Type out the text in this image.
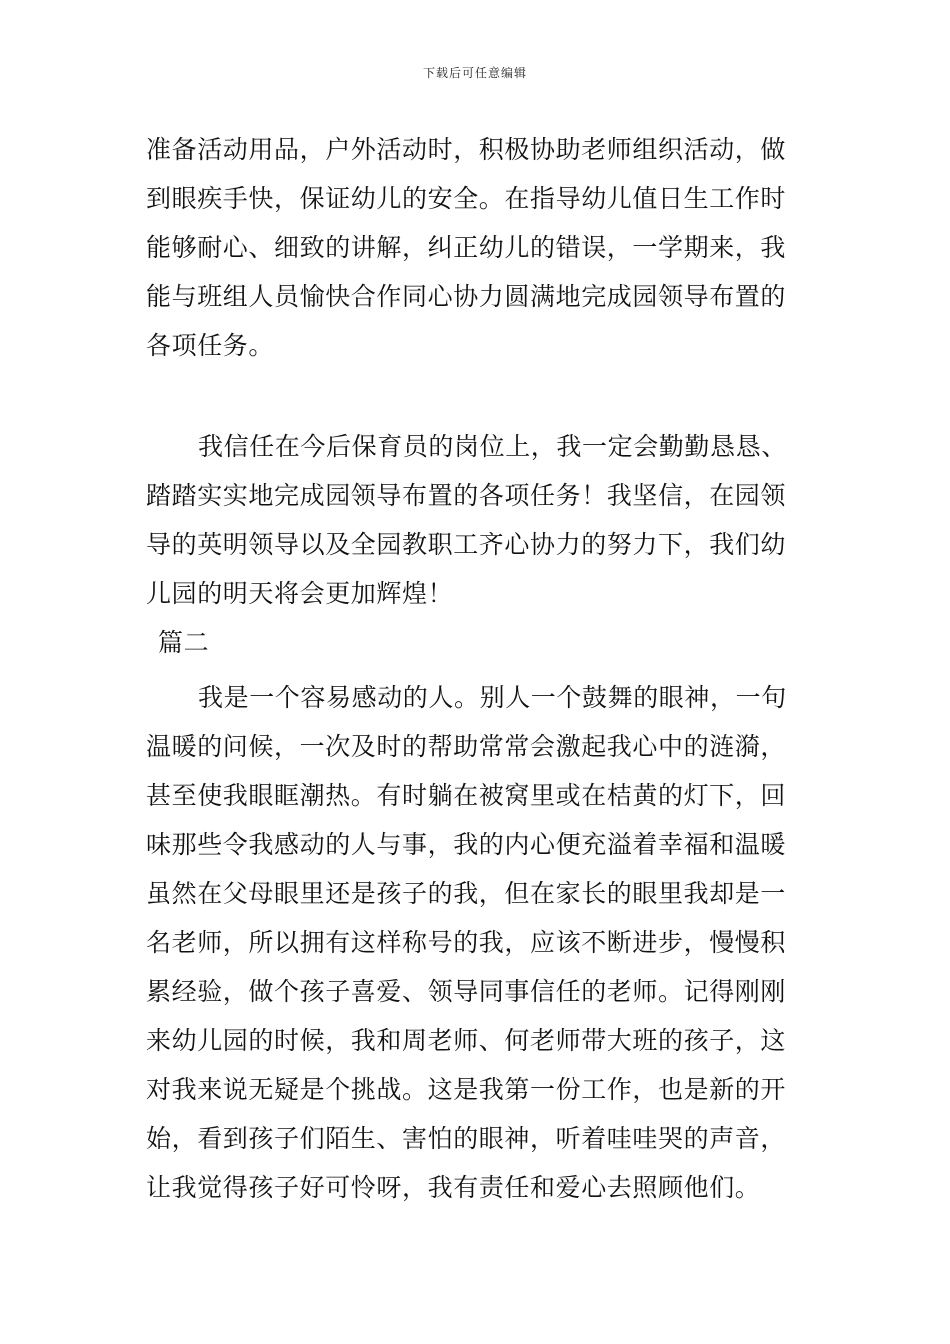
下载后可任意编辑
准备活动用品，户外活动时，积极协助老师组织活动，做
到眼疾手快，保证幼儿的安全。在指导幼儿值日生工作时
能够耐心、细致的讲解，纠正幼儿的错误，一学期来，我
能与班组人员愉快合作同心协力圆满地完成园领导布置的
各项任务。
我信任在今后保育员的岗位上，我一定会勤勤恳恳、
踏踏实实地完成园领导布置的各项任务！我坚信，在园领
导的英明领导以及全园教职工齐心协力的努力下，我们幼
儿园的明天将会更加辉煌！
篇二
我是一个容易感动的人。别人一个鼓舞的眼神，一句
温暖的问候，一次及时的帮助常常会激起我心中的涟漪，
甚至使我眼眶潮热。有时躺在被窝里或在桔黄的灯下，回
味那些令我感动的人与事，我的内心便充溢着幸福和温暖
虽然在父母眼里还是孩子的我，但在家长的眼里我却是一
名老师，所以拥有这样称号的我，应该不断进步，慢慢积
累经验，做个孩子喜爱、领导同事信任的老师。记得刚刚
来幼儿园的时候，我和周老师、何老师带大班的孩子，这
对我来说无疑是个挑战。这是我第一份工作，也是新的开
始，看到孩子们陌生、害怕的眼神，听着哇哇哭的声音，
让我觉得孩子好可怜呀，我有责任和爱心去照顾他们。
